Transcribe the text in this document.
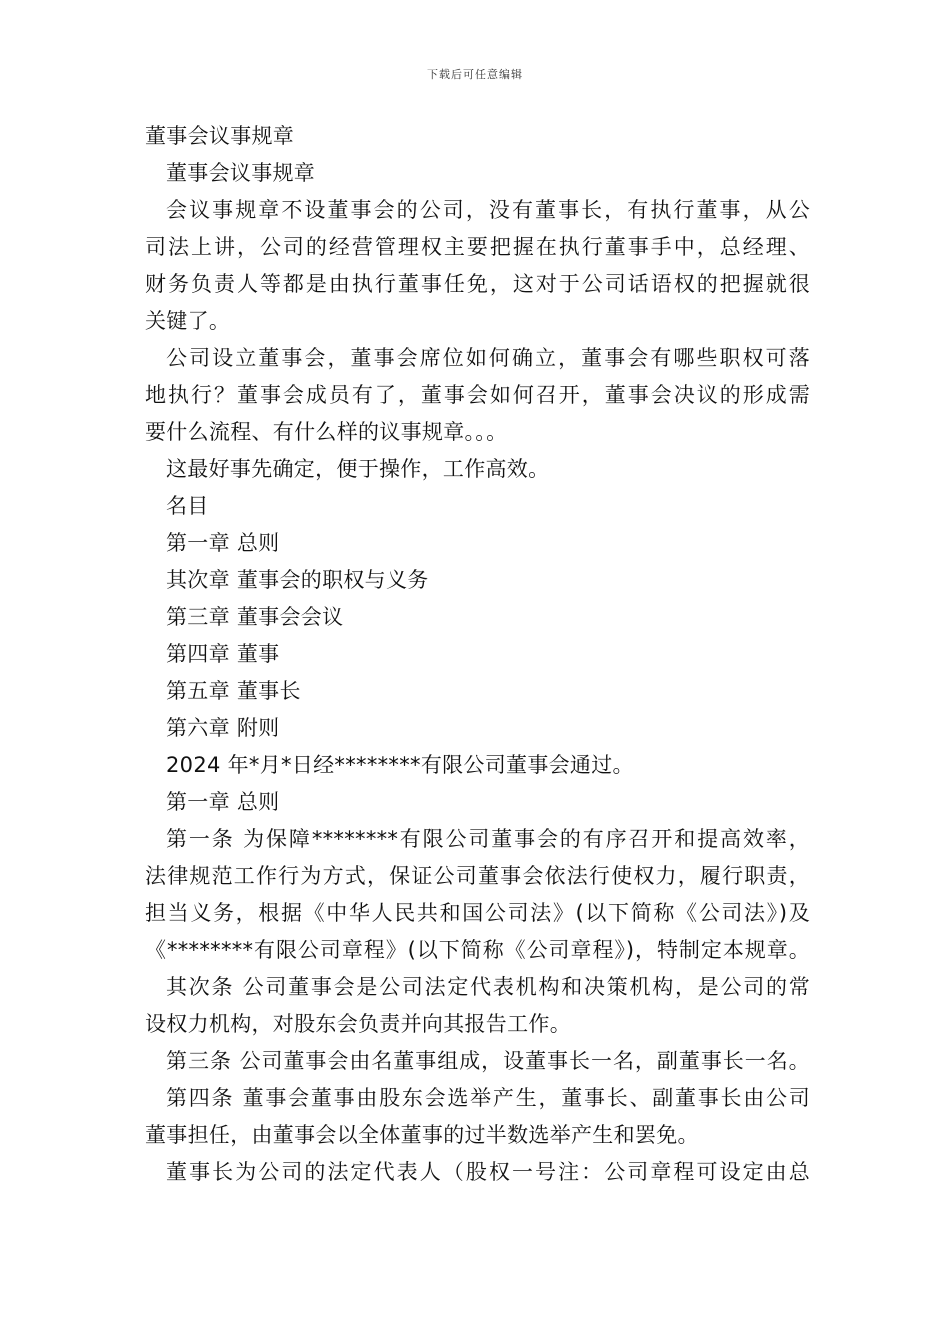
下载后可任意编辑
董事会议事规章
董事会议事规章
会议事规章不设董事会的公司，没有董事长，有执行董事，从公
司法上讲，公司的经营管理权主要把握在执行董事手中，总经理、
财务负责人等都是由执行董事任免，这对于公司话语权的把握就很
关键了。
公司设立董事会，董事会席位如何确立，董事会有哪些职权可落
地执行？董事会成员有了，董事会如何召开，董事会决议的形成需
要什么流程、有什么样的议事规章。。。
这最好事先确定，便于操作，工作高效。
名目
第一章 总则
其次章 董事会的职权与义务
第三章 董事会会议
第四章 董事
第五章 董事长
第六章 附则
2024 年*月*日经********有限公司董事会通过。
第一章 总则
第一条 为保障********有限公司董事会的有序召开和提高效率，
法律规范工作行为方式，保证公司董事会依法行使权力，履行职责，
担当义务，根据《中华人民共和国公司法》(以下简称《公司法》)及
《********有限公司章程》(以下简称《公司章程》)，特制定本规章。
其次条 公司董事会是公司法定代表机构和决策机构，是公司的常
设权力机构，对股东会负责并向其报告工作。
第三条 公司董事会由名董事组成，设董事长一名，副董事长一名。
第四条 董事会董事由股东会选举产生，董事长、副董事长由公司
董事担任，由董事会以全体董事的过半数选举产生和罢免。
董事长为公司的法定代表人（股权一号注：公司章程可设定由总
